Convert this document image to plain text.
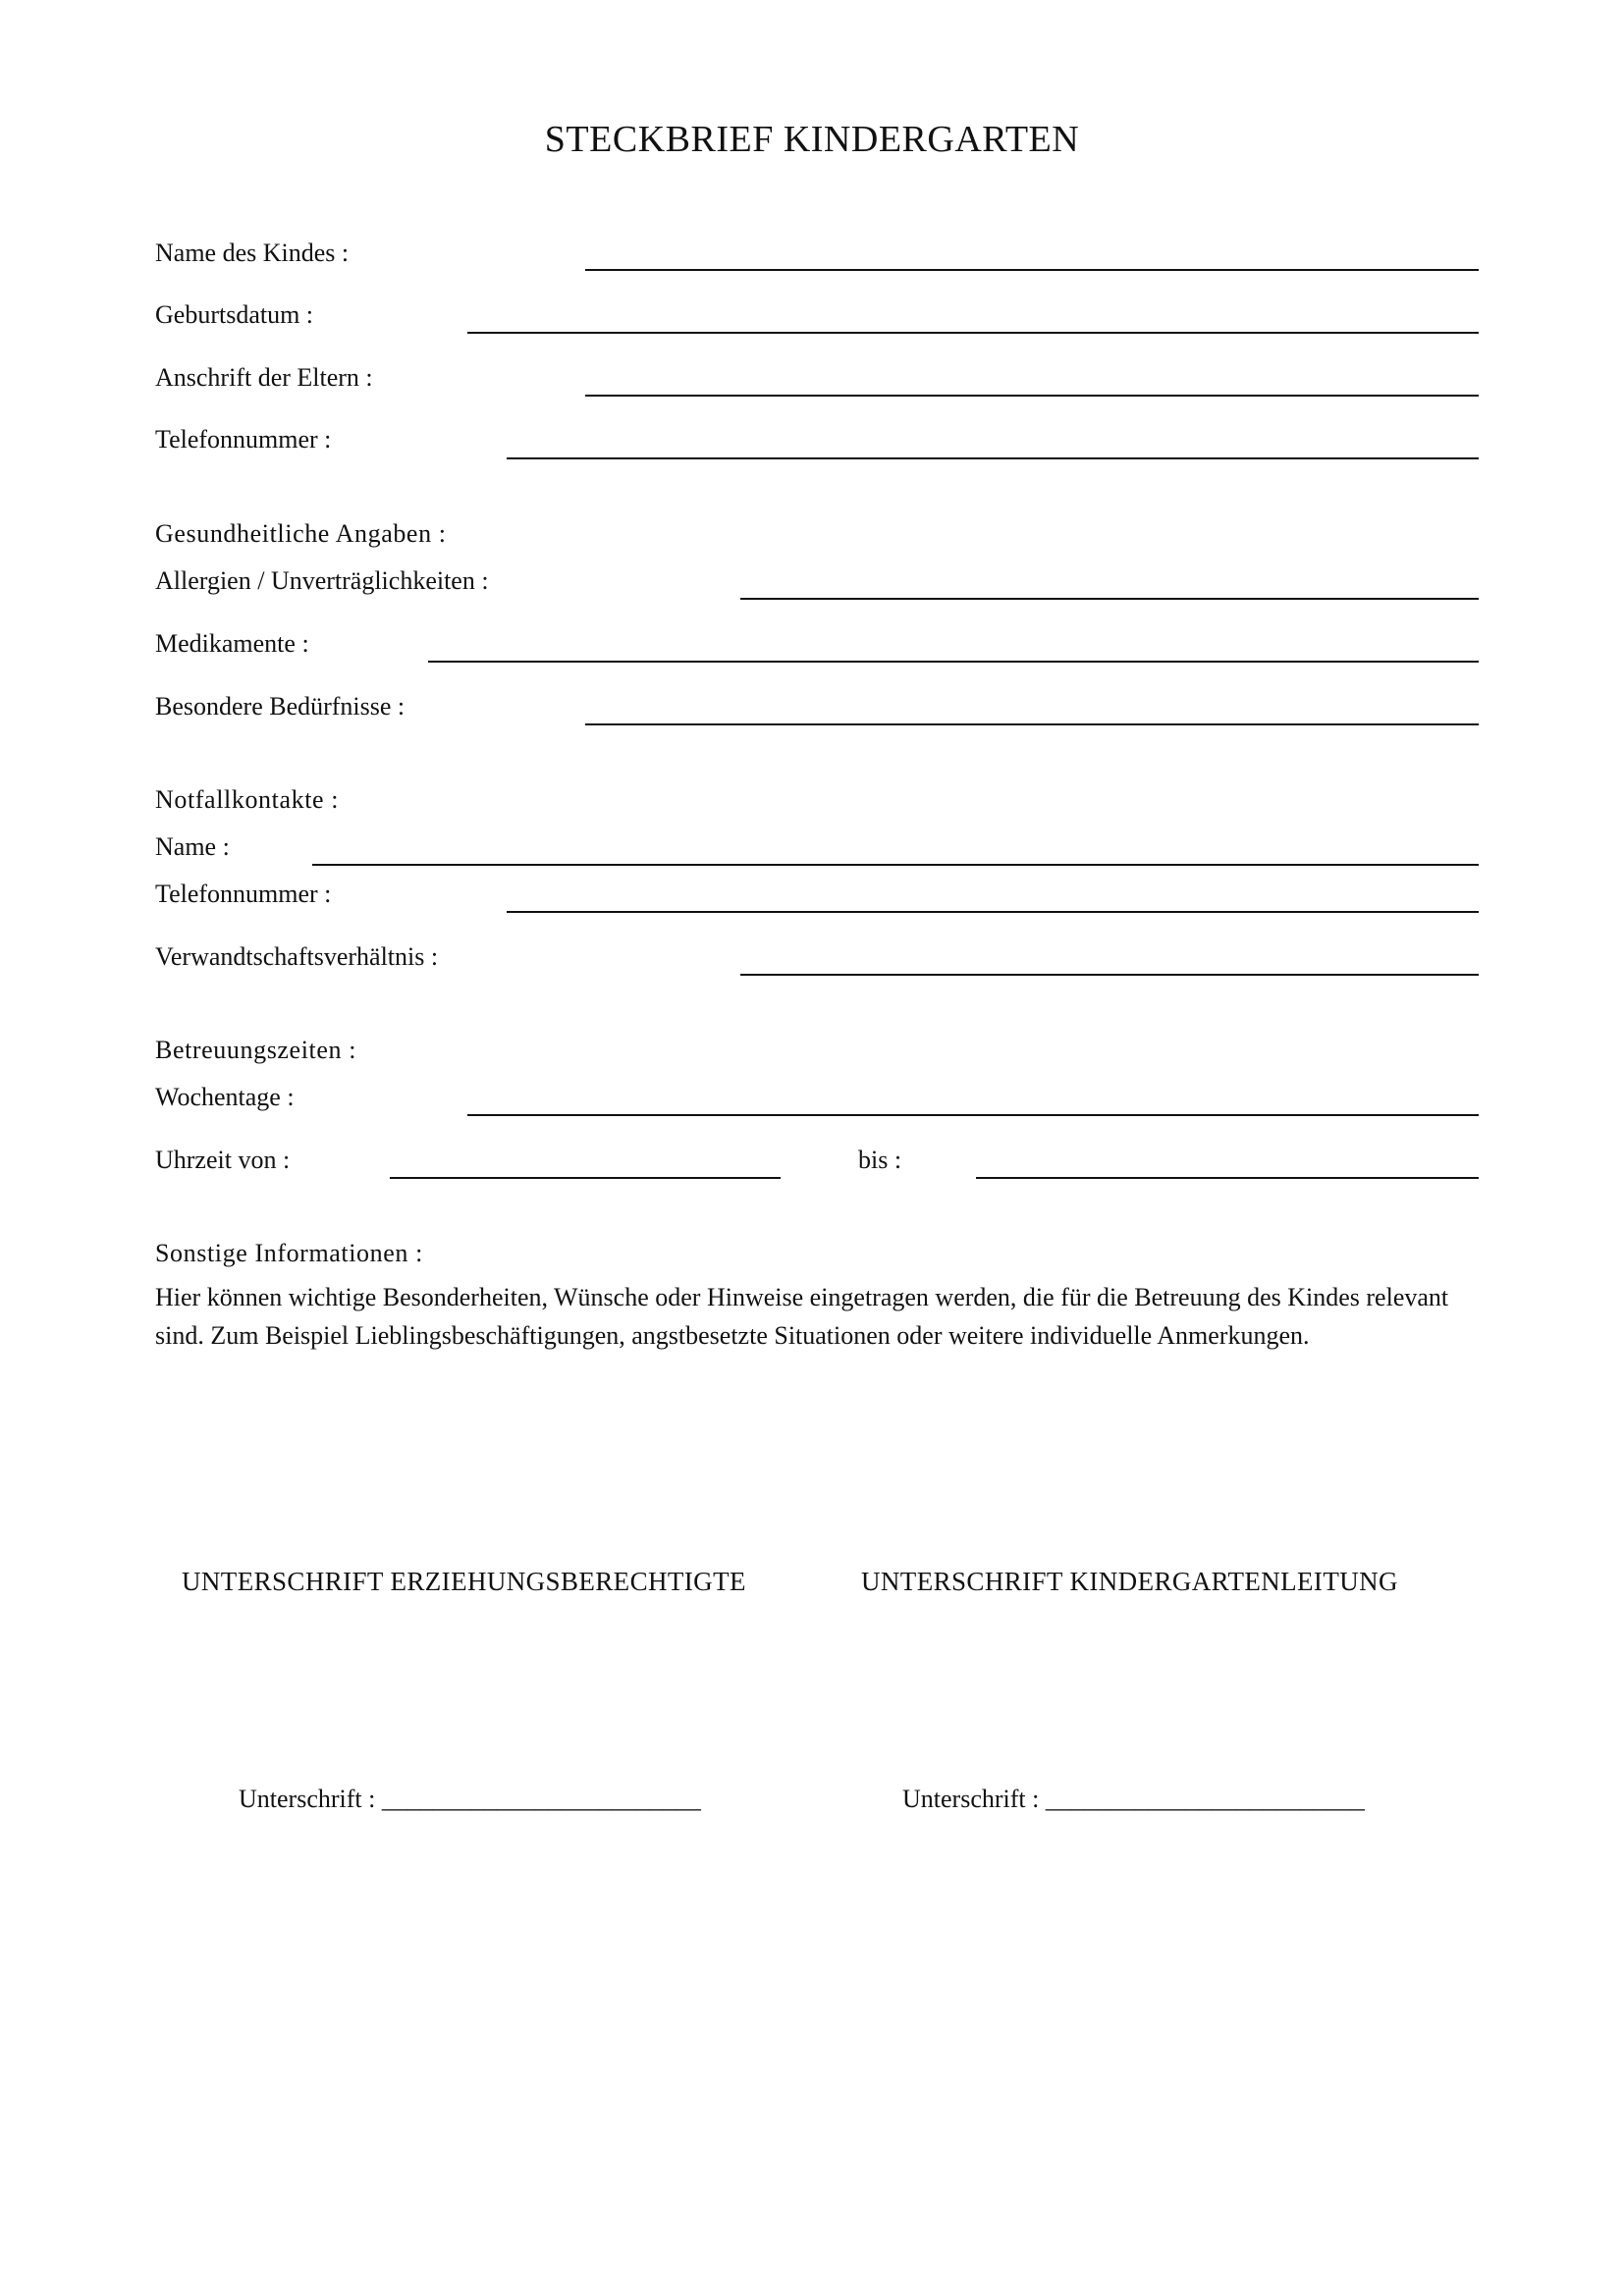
STECKBRIEF KINDERGARTEN
Name des Kindes :
Geburtsdatum :
Anschrift der Eltern :
Telefonnummer :
Gesundheitliche Angaben :
Allergien / Unverträglichkeiten :
Medikamente :
Besondere Bedürfnisse :
Notfallkontakte :
Name :
Telefonnummer :
Verwandtschaftsverhältnis :
Betreuungszeiten :
Wochentage :
Uhrzeit von :	bis :
Sonstige Informationen :
Hier können wichtige Besonderheiten, Wünsche oder Hinweise eingetragen werden, die für die Betreuung des Kindes relevant sind. Zum Beispiel Lieblingsbeschäftigungen, angstbesetzte Situationen oder weitere individuelle Anmerkungen.
UNTERSCHRIFT ERZIEHUNGSBERECHTIGTE	UNTERSCHRIFT KINDERGARTENLEITUNG
Unterschrift : _________________________	Unterschrift : _________________________
